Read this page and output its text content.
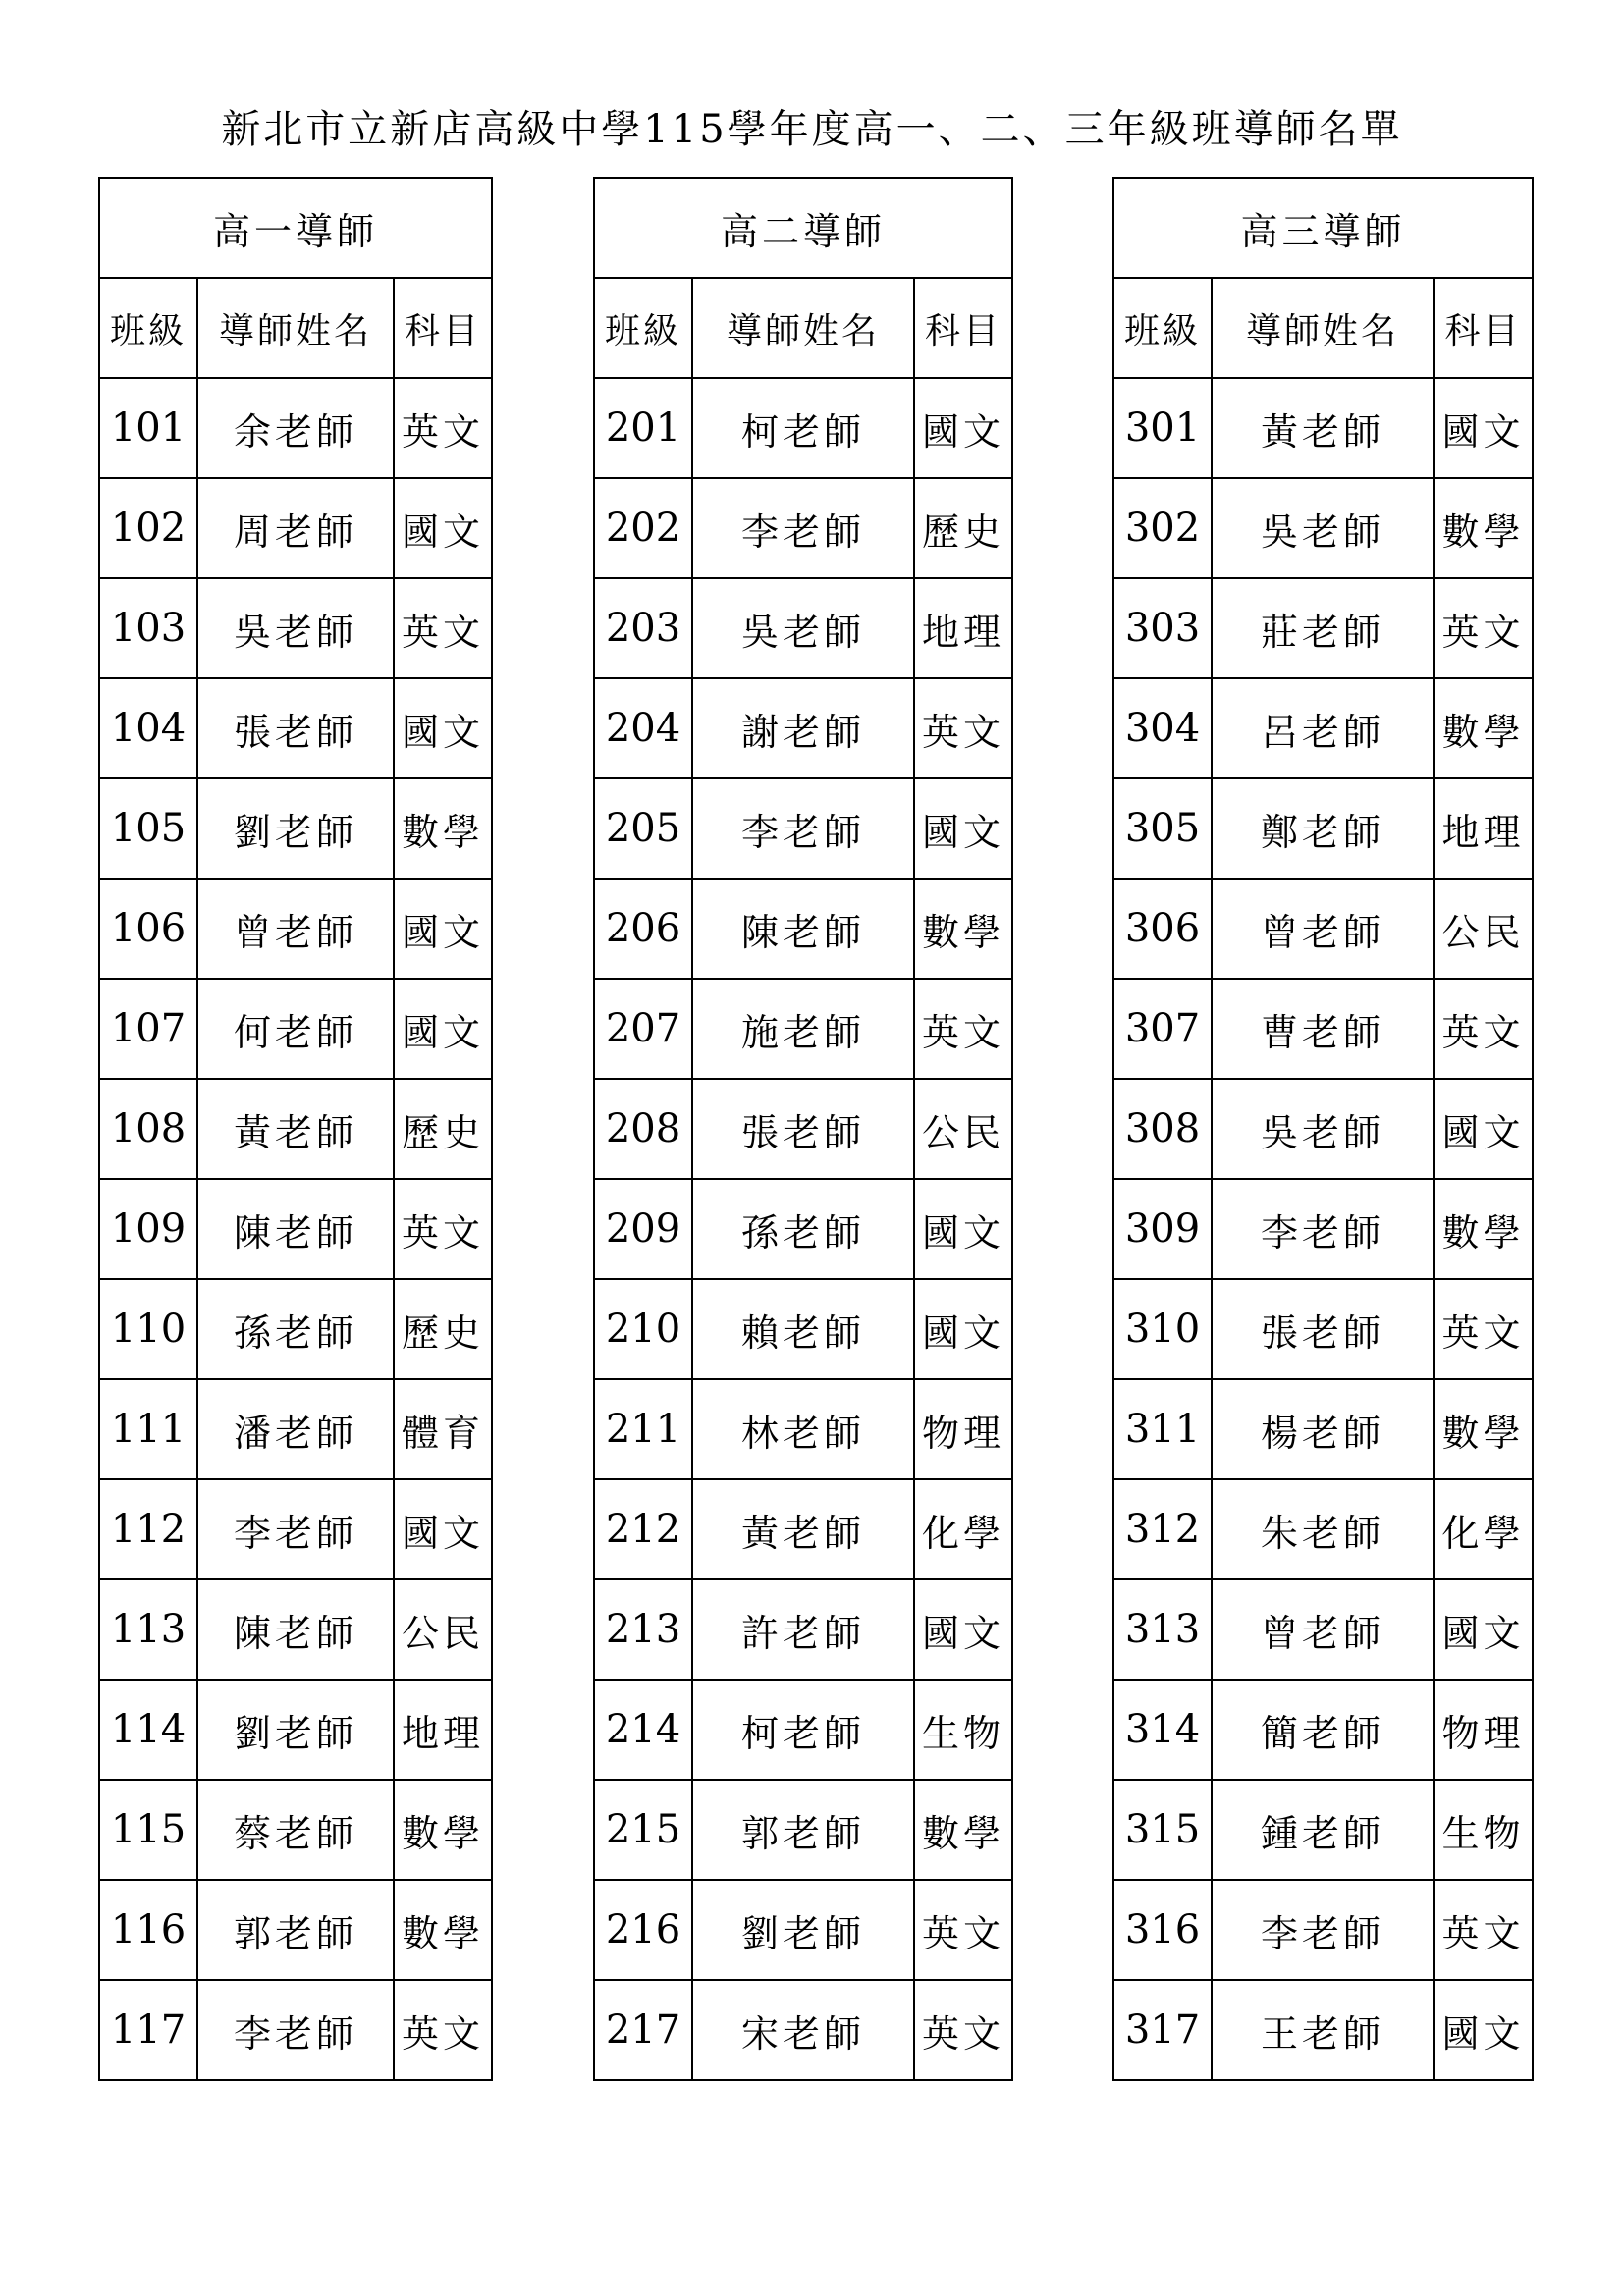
新北市立新店高級中學115學年度高一、二、三年級班導師名單
高一導師		
班級	導師姓名	科目
101	余老師	英文
102	周老師	國文
103	吳老師	英文
104	張老師	國文
105	劉老師	數學
106	曾老師	國文
107	何老師	國文
108	黃老師	歷史
109	陳老師	英文
110	孫老師	歷史
111	潘老師	體育
112	李老師	國文
113	陳老師	公民
114	劉老師	地理
115	蔡老師	數學
116	郭老師	數學
117	李老師	英文
高二導師		
班級	導師姓名	科目
201	柯老師	國文
202	李老師	歷史
203	吳老師	地理
204	謝老師	英文
205	李老師	國文
206	陳老師	數學
207	施老師	英文
208	張老師	公民
209	孫老師	國文
210	賴老師	國文
211	林老師	物理
212	黃老師	化學
213	許老師	國文
214	柯老師	生物
215	郭老師	數學
216	劉老師	英文
217	宋老師	英文
高三導師		
班級	導師姓名	科目
301	黃老師	國文
302	吳老師	數學
303	莊老師	英文
304	呂老師	數學
305	鄭老師	地理
306	曾老師	公民
307	曹老師	英文
308	吳老師	國文
309	李老師	數學
310	張老師	英文
311	楊老師	數學
312	朱老師	化學
313	曾老師	國文
314	簡老師	物理
315	鍾老師	生物
316	李老師	英文
317	王老師	國文
